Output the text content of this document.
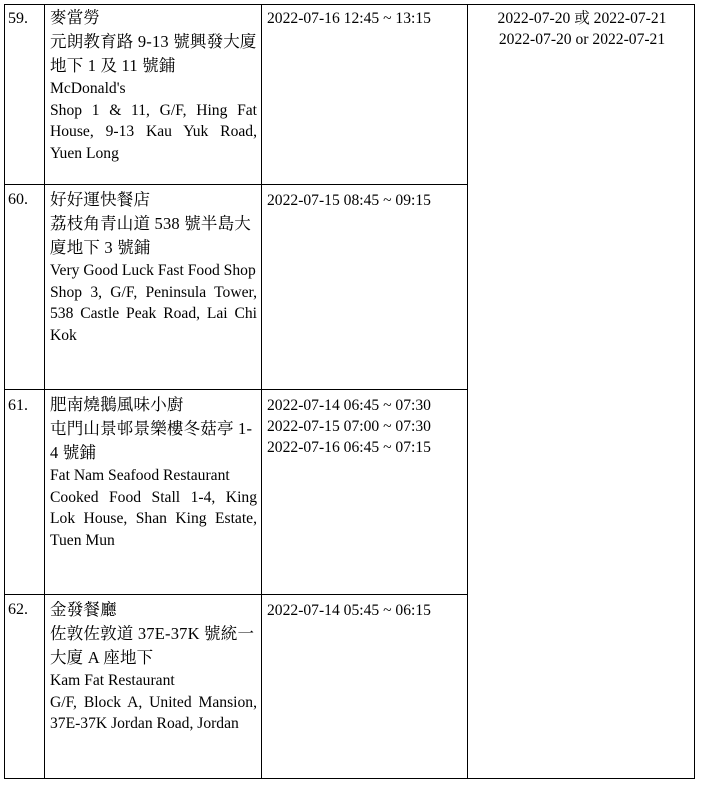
59. 麥當勞
元朗教育路 9-13 號興發大廈地下 1 及 11 號鋪
McDonald's
Shop 1 & 11, G/F, Hing Fat House, 9-13 Kau Yuk Road, Yuen Long
2022-07-16 12:45 ~ 13:15
60. 好好運快餐店
荔枝角青山道 538 號半島大廈地下 3 號鋪
Very Good Luck Fast Food Shop
Shop 3, G/F, Peninsula Tower, 538 Castle Peak Road, Lai Chi Kok
2022-07-15 08:45 ~ 09:15
61. 肥南燒鵝風味小廚
屯門山景邨景樂樓冬菇亭 1-4 號鋪
Fat Nam Seafood Restaurant
Cooked Food Stall 1-4, King Lok House, Shan King Estate, Tuen Mun
2022-07-14 06:45 ~ 07:30
2022-07-15 07:00 ~ 07:30
2022-07-16 06:45 ~ 07:15
62. 金發餐廳
佐敦佐敦道 37E-37K 號統一大廈 A 座地下
Kam Fat Restaurant
G/F, Block A, United Mansion, 37E-37K Jordan Road, Jordan
2022-07-14 05:45 ~ 06:15
2022-07-20 或 2022-07-21
2022-07-20 or 2022-07-21
